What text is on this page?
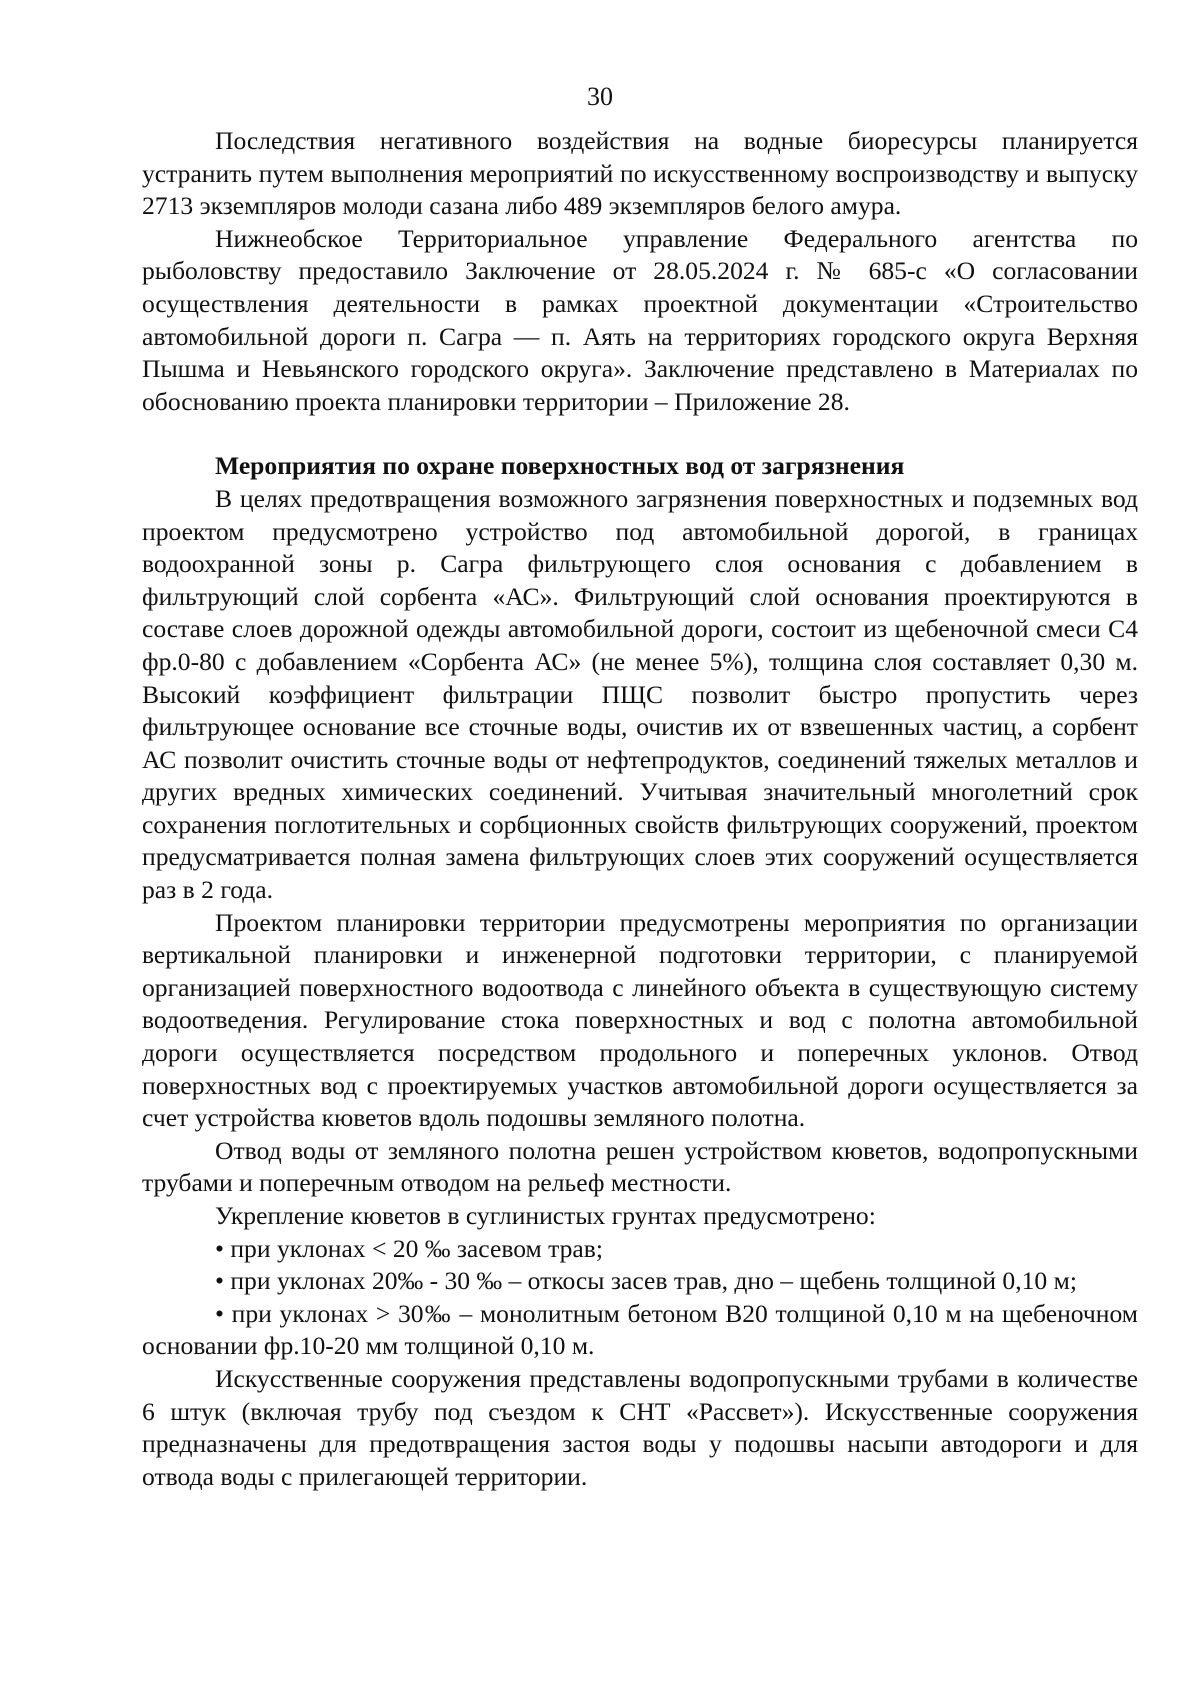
30

Последствия негативного воздействия на водные биоресурсы планируется устранить путем выполнения мероприятий по искусственному воспроизводству и выпуску 2713 экземпляров молоди сазана либо 489 экземпляров белого амура.

Нижнеобское Территориальное управление Федерального агентства по рыболовству предоставило Заключение от 28.05.2024 г. № 685-с «О согласовании осуществления деятельности в рамках проектной документации «Строительство автомобильной дороги п. Сагра — п. Аять на территориях городского округа Верхняя Пышма и Невьянского городского округа». Заключение представлено в Материалах по обоснованию проекта планировки территории – Приложение 28.

Мероприятия по охране поверхностных вод от загрязнения

В целях предотвращения возможного загрязнения поверхностных и подземных вод проектом предусмотрено устройство под автомобильной дорогой, в границах водоохранной зоны р. Сагра фильтрующего слоя основания с добавлением в фильтрующий слой сорбента «АС». Фильтрующий слой основания проектируются в составе слоев дорожной одежды автомобильной дороги, состоит из щебеночной смеси С4 фр.0-80 с добавлением «Сорбента АС» (не менее 5%), толщина слоя составляет 0,30 м. Высокий коэффициент фильтрации ПЩС позволит быстро пропустить через фильтрующее основание все сточные воды, очистив их от взвешенных частиц, а сорбент АС позволит очистить сточные воды от нефтепродуктов, соединений тяжелых металлов и других вредных химических соединений. Учитывая значительный многолетний срок сохранения поглотительных и сорбционных свойств фильтрующих сооружений, проектом предусматривается полная замена фильтрующих слоев этих сооружений осуществляется раз в 2 года.

Проектом планировки территории предусмотрены мероприятия по организации вертикальной планировки и инженерной подготовки территории, с планируемой организацией поверхностного водоотвода с линейного объекта в существующую систему водоотведения. Регулирование стока поверхностных и вод с полотна автомобильной дороги осуществляется посредством продольного и поперечных уклонов. Отвод поверхностных вод с проектируемых участков автомобильной дороги осуществляется за счет устройства кюветов вдоль подошвы земляного полотна.

Отвод воды от земляного полотна решен устройством кюветов, водопропускными трубами и поперечным отводом на рельеф местности.

Укрепление кюветов в суглинистых грунтах предусмотрено:

• при уклонах < 20 ‰ засевом трав;

• при уклонах 20‰ - 30 ‰ – откосы засев трав, дно – щебень толщиной 0,10 м;

• при уклонах > 30‰ – монолитным бетоном В20 толщиной 0,10 м на щебеночном основании фр.10-20 мм толщиной 0,10 м.

Искусственные сооружения представлены водопропускными трубами в количестве 6 штук (включая трубу под съездом к СНТ «Рассвет»). Искусственные сооружения предназначены для предотвращения застоя воды у подошвы насыпи автодороги и для отвода воды с прилегающей территории.
